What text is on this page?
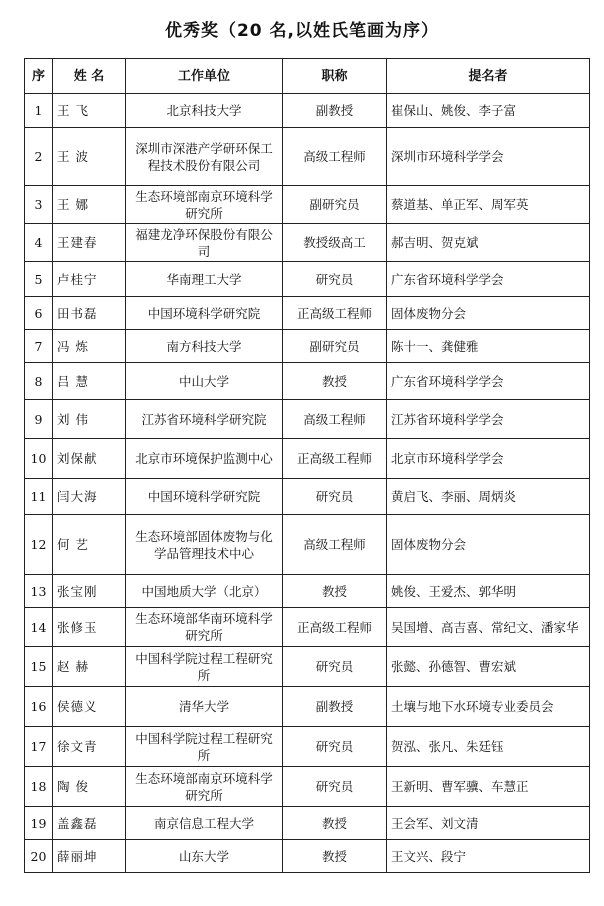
优秀奖（20 名,以姓氏笔画为序）
序	姓 名	工作单位	职称	提名者
1	王 飞	北京科技大学	副教授	崔保山、姚俊、李子富
2	王 波	深圳市深港产学研环保工程技术股份有限公司	高级工程师	深圳市环境科学学会
3	王 娜	生态环境部南京环境科学研究所	副研究员	蔡道基、单正军、周军英
4	王建春	福建龙净环保股份有限公司	教授级高工	郝吉明、贺克斌
5	卢桂宁	华南理工大学	研究员	广东省环境科学学会
6	田书磊	中国环境科学研究院	正高级工程师	固体废物分会
7	冯 炼	南方科技大学	副研究员	陈十一、龚健雅
8	吕 慧	中山大学	教授	广东省环境科学学会
9	刘 伟	江苏省环境科学研究院	高级工程师	江苏省环境科学学会
10	刘保献	北京市环境保护监测中心	正高级工程师	北京市环境科学学会
11	闫大海	中国环境科学研究院	研究员	黄启飞、李丽、周炳炎
12	何 艺	生态环境部固体废物与化学品管理技术中心	高级工程师	固体废物分会
13	张宝刚	中国地质大学（北京）	教授	姚俊、王爱杰、郭华明
14	张修玉	生态环境部华南环境科学研究所	正高级工程师	吴国增、高吉喜、常纪文、潘家华
15	赵 赫	中国科学院过程工程研究所	研究员	张懿、孙德智、曹宏斌
16	侯德义	清华大学	副教授	土壤与地下水环境专业委员会
17	徐文青	中国科学院过程工程研究所	研究员	贺泓、张凡、朱廷钰
18	陶 俊	生态环境部南京环境科学研究所	研究员	王新明、曹军骥、车慧正
19	盖鑫磊	南京信息工程大学	教授	王会军、刘文清
20	薛丽坤	山东大学	教授	王文兴、段宁
